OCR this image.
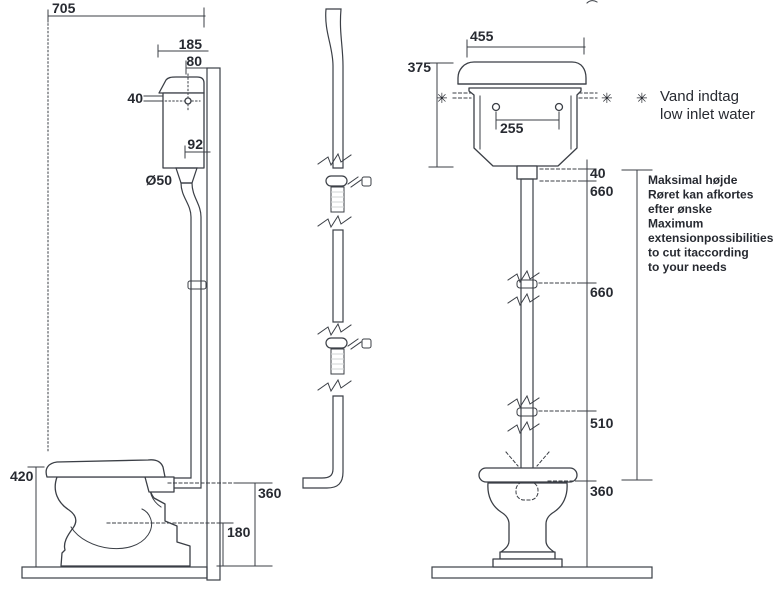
705
185
80
40
92
Ø50
420
360
180
455
✳	✳
255
375
40
660
660
510
360
✳ Vand indtag
low inlet water
Maksimal højde
Røret kan afkortes
efter ønske
Maximum
extensionpossibilities
to cut itaccording
to your needs
